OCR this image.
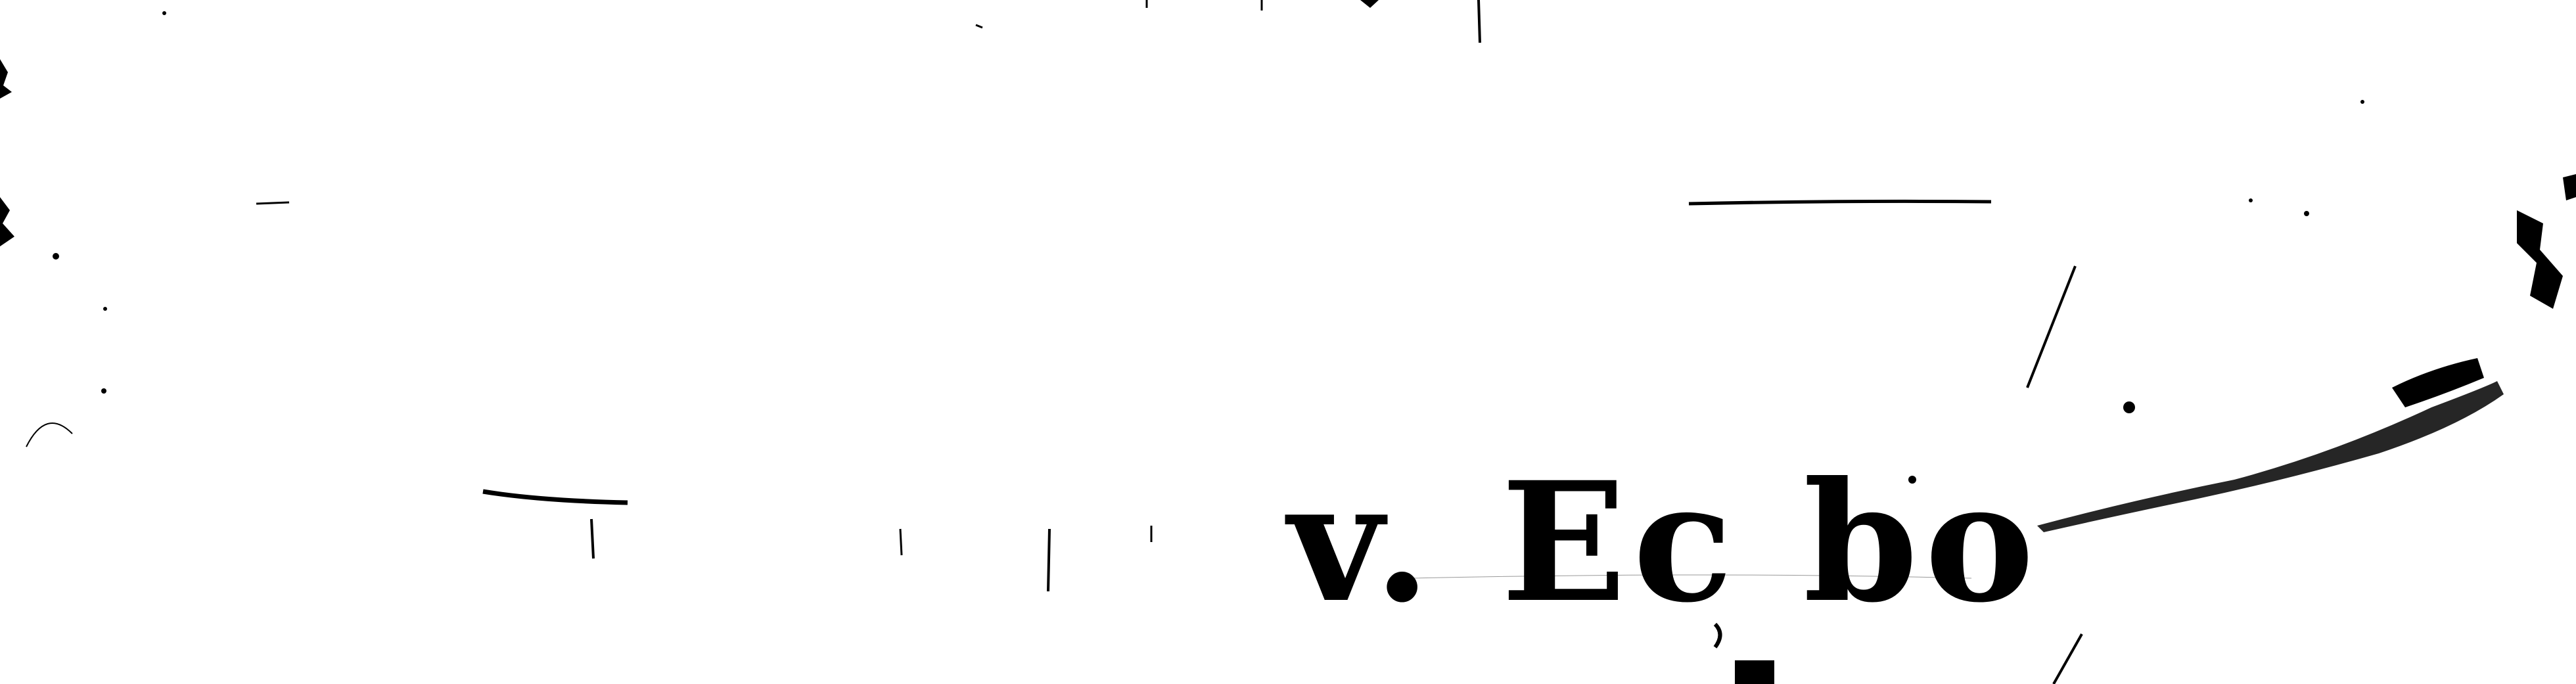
v. Ec bo
